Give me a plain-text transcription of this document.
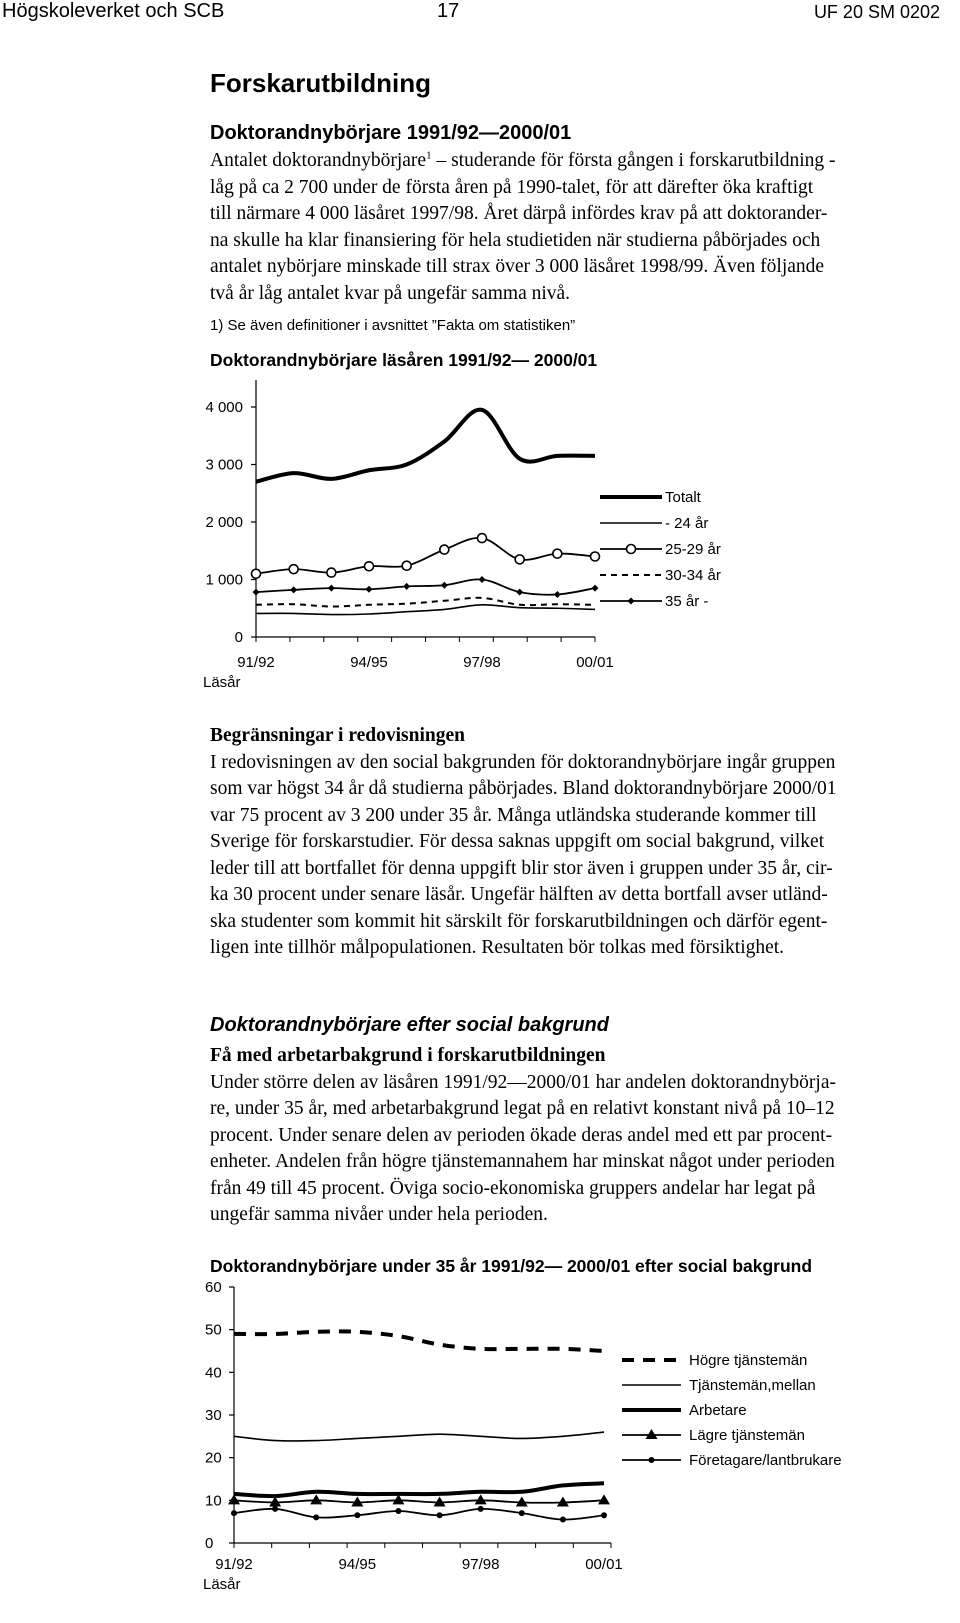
Högskoleverket och SCB	17	UF 20 SM 0202
Forskarutbildning
Doktorandnybörjare 1991/92—2000/01
Antalet doktorandnybörjare$^1$ – studerande för första gången i forskarutbildning -
låg på ca 2 700 under de första åren på 1990-talet, för att därefter öka kraftigt
till närmare 4 000 läsåret 1997/98. Året därpå infördes krav på att doktorander-
na skulle ha klar finansiering för hela studietiden när studierna påbörjades och
antalet nybörjare minskade till strax över 3 000 läsåret 1998/99. Även följande
två år låg antalet kvar på ungefär samma nivå.
1) Se även definitioner i avsnittet ”Fakta om statistiken”
Doktorandnybörjare läsåren 1991/92— 2000/01
0
1 000
2 000
3 000
4 000
91/92	94/95	97/98	00/01
Läsår
Totalt
- 24 år
25-29 år
30-34 år
35 år -
Begränsningar i redovisningen
I redovisningen av den social bakgrunden för doktorandnybörjare ingår gruppen
som var högst 34 år då studierna påbörjades. Bland doktorandnybörjare 2000/01
var 75 procent av 3 200 under 35 år. Många utländska studerande kommer till
Sverige för forskarstudier. För dessa saknas uppgift om social bakgrund, vilket
leder till att bortfallet för denna uppgift blir stor även i gruppen under 35 år, cir-
ka 30 procent under senare läsår. Ungefär hälften av detta bortfall avser utländ-
ska studenter som kommit hit särskilt för forskarutbildningen och därför egent-
ligen inte tillhör målpopulationen. Resultaten bör tolkas med försiktighet.
Doktorandnybörjare efter social bakgrund
Få med arbetarbakgrund i forskarutbildningen
Under större delen av läsåren 1991/92—2000/01 har andelen doktorandnybörja-
re, under 35 år, med arbetarbakgrund legat på en relativt konstant nivå på 10–12
procent. Under senare delen av perioden ökade deras andel med ett par procent-
enheter. Andelen från högre tjänstemannahem har minskat något under perioden
från 49 till 45 procent. Öviga socio-ekonomiska gruppers andelar har legat på
ungefär samma nivåer under hela perioden.
Doktorandnybörjare under 35 år 1991/92— 2000/01 efter social bakgrund
0
10
20
30
40
50
60
91/92	94/95	97/98	00/01
Läsår
Högre tjänstemän
Tjänstemän,mellan
Arbetare
Lägre tjänstemän
Företagare/lantbrukare
